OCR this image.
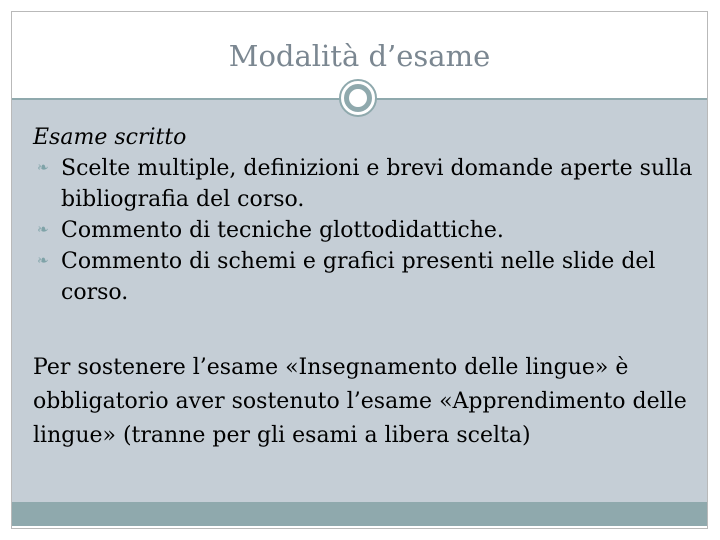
Modalità d’esame

Esame scritto

❧ Scelte multiple, definizioni e brevi domande aperte sulla bibliografia del corso.
❧ Commento di tecniche glottodidattiche.
❧ Commento di schemi e grafici presenti nelle slide del corso.

Per sostenere l’esame «Insegnamento delle lingue» è obbligatorio aver sostenuto l’esame «Apprendimento delle lingue» (tranne per gli esami a libera scelta)
